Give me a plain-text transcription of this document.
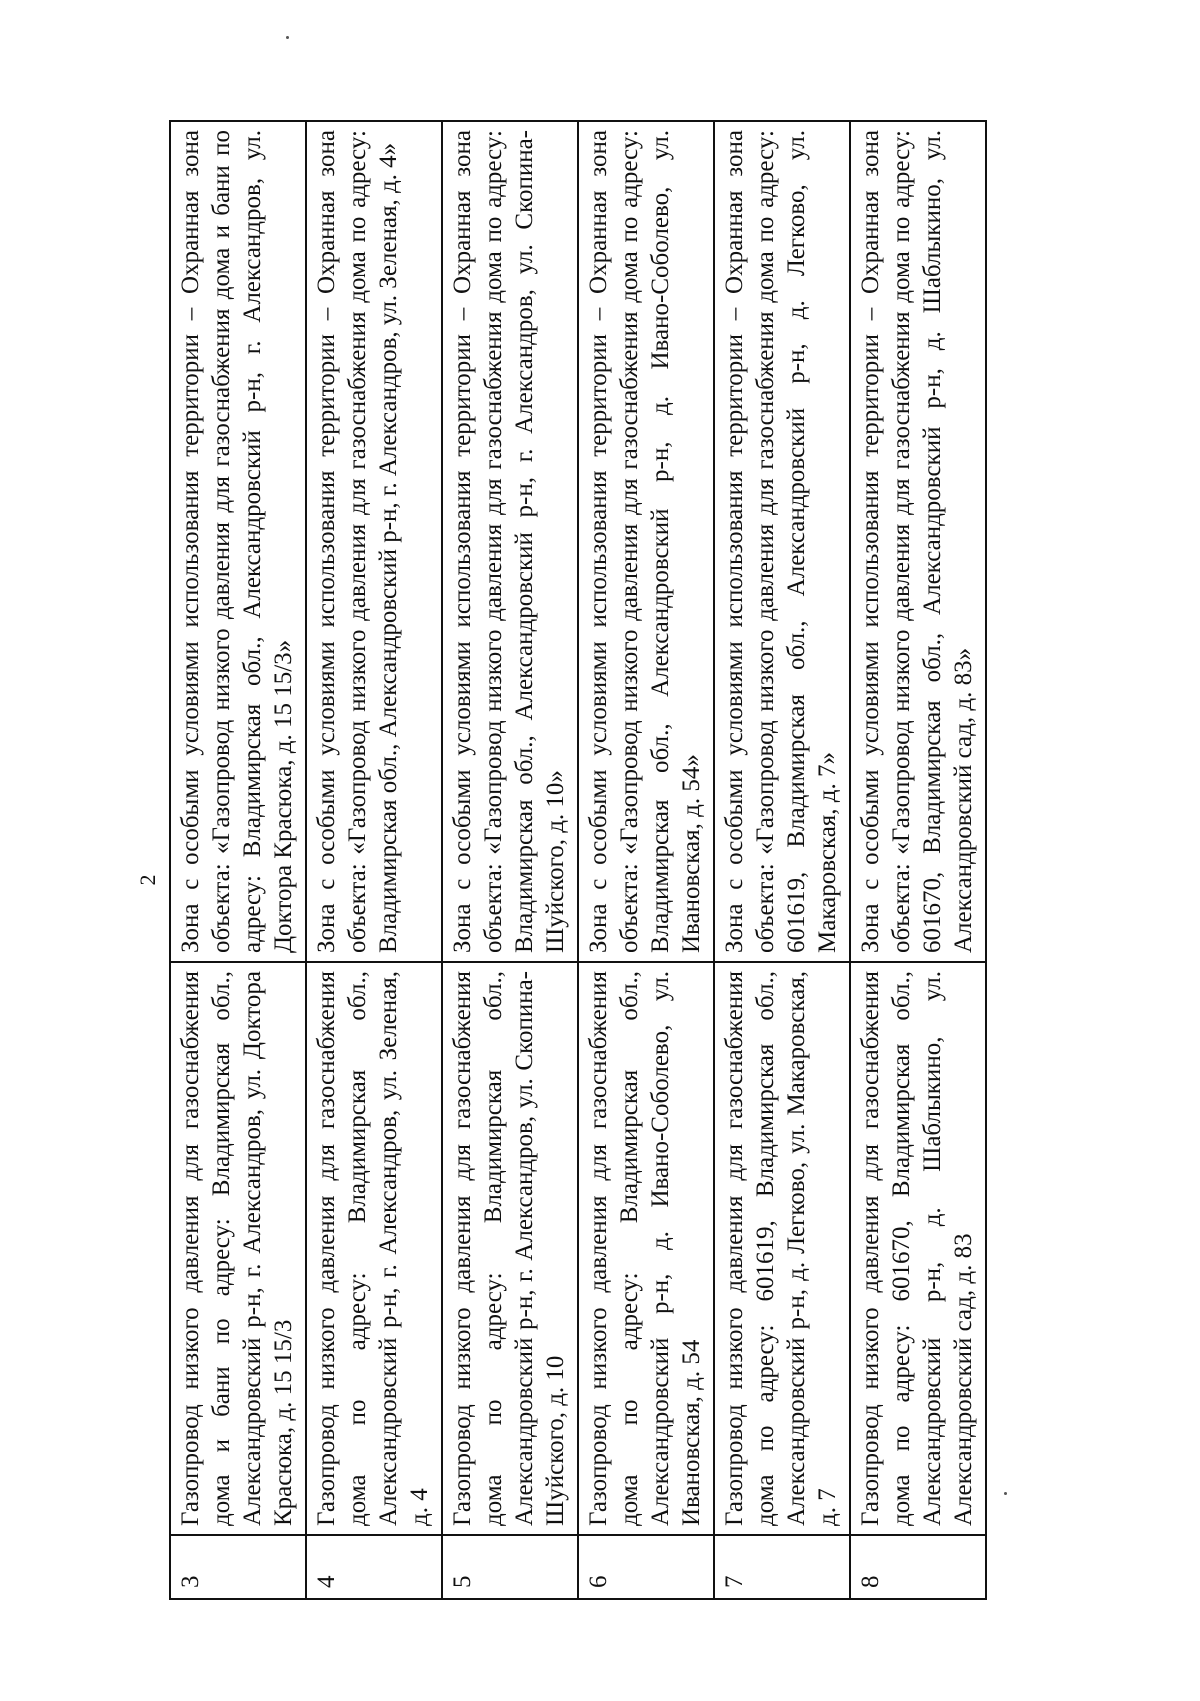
2
3	Газопровод низкого давления для газоснабжения дома и бани по адресу: Владимирская обл., Александровский р-н, г. Александров, ул. Доктора Красюка, д. 15 15/3	Зона с особыми условиями использования территории – Охранная зона объекта: «Газопровод низкого давления для газоснабжения дома и бани по адресу: Владимирская обл., Александровский р-н, г. Александров, ул. Доктора Красюка, д. 15 15/3»
4	Газопровод низкого давления для газоснабжения дома по адресу: Владимирская обл., Александровский р-н, г. Александров, ул. Зеленая, д. 4	Зона с особыми условиями использования территории – Охранная зона объекта: «Газопровод низкого давления для газоснабжения дома по адресу: Владимирская обл., Александровский р-н, г. Александров, ул. Зеленая, д. 4»
5	Газопровод низкого давления для газоснабжения дома по адресу: Владимирская обл., Александровский р-н, г. Александров, ул. Скопина-Шуйского, д. 10	Зона с особыми условиями использования территории – Охранная зона объекта: «Газопровод низкого давления для газоснабжения дома по адресу: Владимирская обл., Александровский р-н, г. Александров, ул. Скопина-Шуйского, д. 10»
6	Газопровод низкого давления для газоснабжения дома по адресу: Владимирская обл., Александровский р-н, д. Ивано-Соболево, ул. Ивановская, д. 54	Зона с особыми условиями использования территории – Охранная зона объекта: «Газопровод низкого давления для газоснабжения дома по адресу: Владимирская обл., Александровский р-н, д. Ивано-Соболево, ул. Ивановская, д. 54»
7	Газопровод низкого давления для газоснабжения дома по адресу: 601619, Владимирская обл., Александровский р-н, д. Легково, ул. Макаровская, д. 7	Зона с особыми условиями использования территории – Охранная зона объекта: «Газопровод низкого давления для газоснабжения дома по адресу: 601619, Владимирская обл., Александровский р-н, д. Легково, ул. Макаровская, д. 7»
8	Газопровод низкого давления для газоснабжения дома по адресу: 601670, Владимирская обл., Александровский р-н, д. Шаблыкино, ул. Александровский сад, д. 83	Зона с особыми условиями использования территории – Охранная зона объекта: «Газопровод низкого давления для газоснабжения дома по адресу: 601670, Владимирская обл., Александровский р-н, д. Шаблыкино, ул. Александровский сад, д. 83»
